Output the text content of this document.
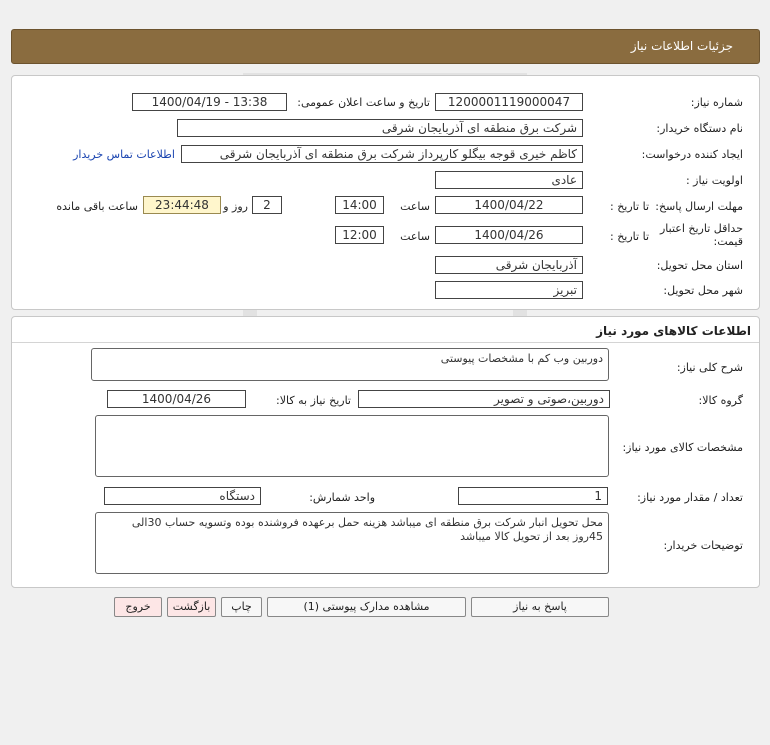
جزئيات اطلاعات نياز
شماره نیاز:
1200001119000047
تاریخ و ساعت اعلان عمومی:
1400/04/19 - 13:38
نام دستگاه خریدار:
شرکت برق منطقه ای آذربایجان شرقی
ایجاد کننده درخواست:
کاظم خیری قوجه بیگلو کارپرداز شرکت برق منطقه ای آذربایجان شرقی
اطلاعات تماس خریدار
اولویت نیاز :
عادی
مهلت ارسال پاسخ:
تا تاریخ :
1400/04/22
ساعت
14:00
2
روز و
23:44:48
ساعت باقی مانده
حداقل تاریخ اعتبار
قیمت:
تا تاریخ :
1400/04/26
ساعت
12:00
استان محل تحویل:
آذربایجان شرقی
شهر محل تحویل:
تبریز
اطلاعات کالاهای مورد نیاز
شرح کلی نیاز:
دوربین وب کم با مشخصات پیوستی
گروه کالا:
دوربین،صوتی و تصویر
تاریخ نیاز به کالا:
1400/04/26
مشخصات کالای مورد نیاز:
تعداد / مقدار مورد نیاز:
1
واحد شمارش:
دستگاه
توضیحات خریدار:
محل تحویل انبار شرکت برق منطقه ای میباشد هزینه حمل برعهده فروشنده بوده وتسویه حساب 30الی 45روز بعد از تحویل کالا میباشد
پاسخ به نیاز
مشاهده مدارک پیوستی (1)
چاپ
بازگشت
خروج
